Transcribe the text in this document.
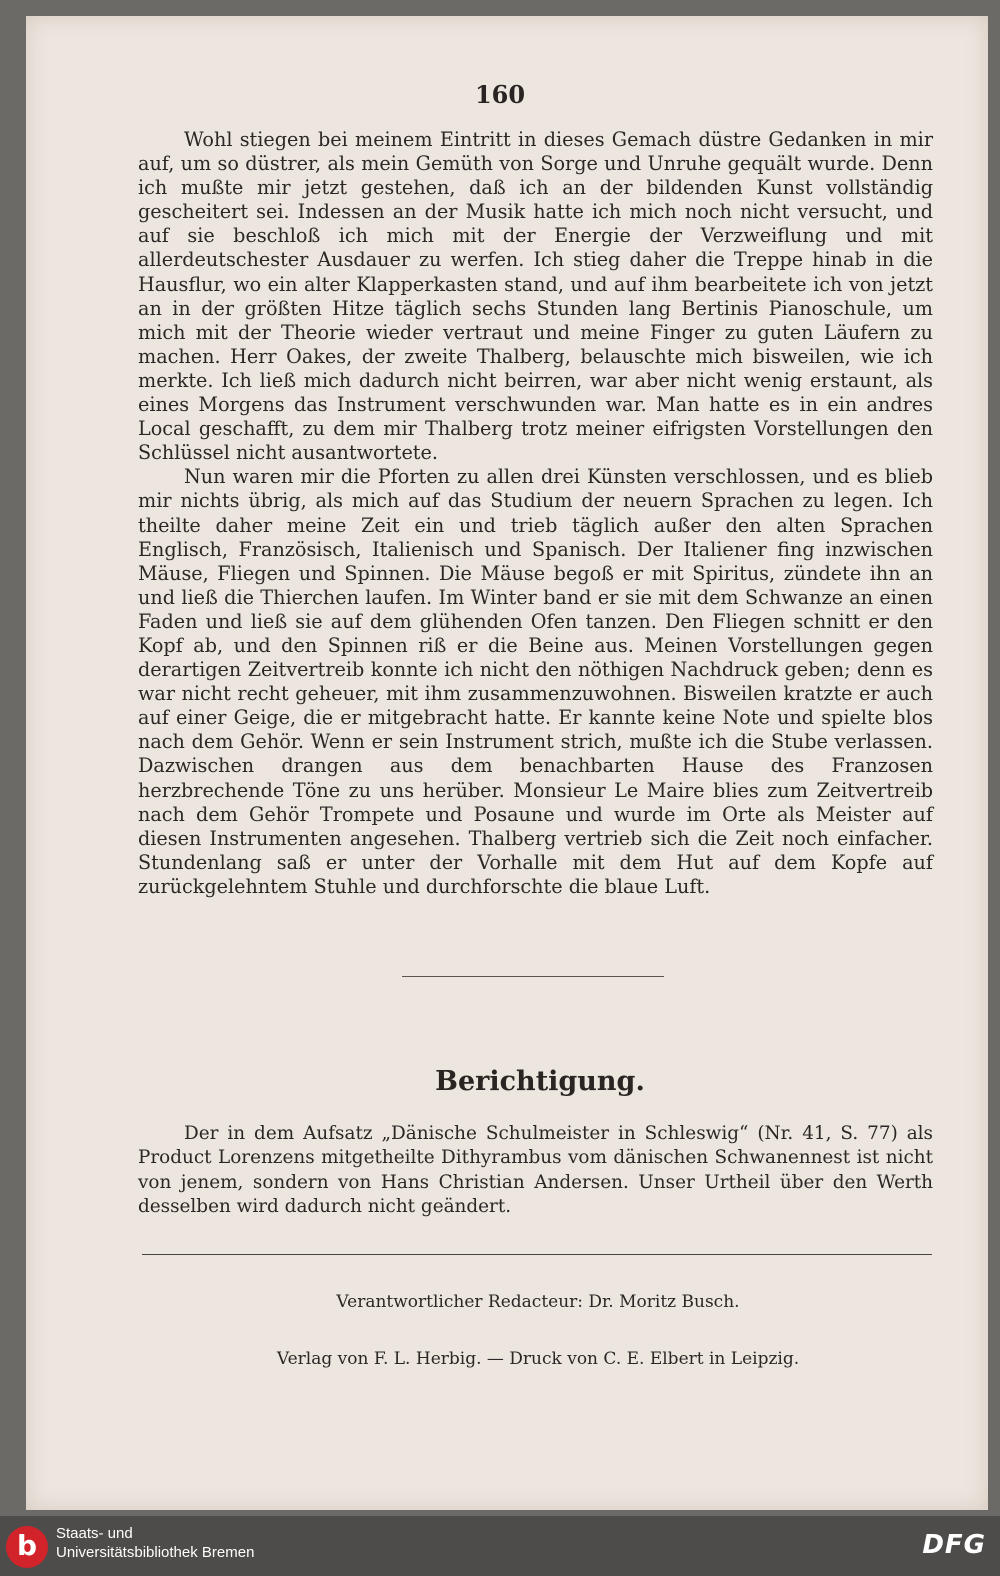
160

Wohl stiegen bei meinem Eintritt in dieses Gemach düstre Gedanken in mir auf, um so düstrer, als mein Gemüth von Sorge und Unruhe gequält wurde. Denn ich mußte mir jetzt gestehen, daß ich an der bildenden Kunst vollständig gescheitert sei. Indessen an der Musik hatte ich mich noch nicht versucht, und auf sie beschloß ich mich mit der Energie der Verzweiflung und mit allerdeutschester Ausdauer zu werfen. Ich stieg daher die Treppe hinab in die Hausflur, wo ein alter Klapperkasten stand, und auf ihm bearbeitete ich von jetzt an in der größten Hitze täglich sechs Stunden lang Bertinis Pianoschule, um mich mit der Theorie wieder vertraut und meine Finger zu guten Läufern zu machen. Herr Oakes, der zweite Thalberg, belauschte mich bisweilen, wie ich merkte. Ich ließ mich dadurch nicht beirren, war aber nicht wenig erstaunt, als eines Morgens das Instrument verschwunden war. Man hatte es in ein andres Local geschafft, zu dem mir Thalberg trotz meiner eifrigsten Vorstellungen den Schlüssel nicht ausantwortete.

Nun waren mir die Pforten zu allen drei Künsten verschlossen, und es blieb mir nichts übrig, als mich auf das Studium der neuern Sprachen zu legen. Ich theilte daher meine Zeit ein und trieb täglich außer den alten Sprachen Englisch, Französisch, Italienisch und Spanisch. Der Italiener fing inzwischen Mäuse, Fliegen und Spinnen. Die Mäuse begoß er mit Spiritus, zündete ihn an und ließ die Thierchen laufen. Im Winter band er sie mit dem Schwanze an einen Faden und ließ sie auf dem glühenden Ofen tanzen. Den Fliegen schnitt er den Kopf ab, und den Spinnen riß er die Beine aus. Meinen Vorstellungen gegen derartigen Zeitvertreib konnte ich nicht den nöthigen Nachdruck geben; denn es war nicht recht geheuer, mit ihm zusammenzuwohnen. Bisweilen kratzte er auch auf einer Geige, die er mitgebracht hatte. Er kannte keine Note und spielte blos nach dem Gehör. Wenn er sein Instrument strich, mußte ich die Stube verlassen. Dazwischen drangen aus dem benachbarten Hause des Franzosen herzbrechende Töne zu uns herüber. Monsieur Le Maire blies zum Zeitvertreib nach dem Gehör Trompete und Posaune und wurde im Orte als Meister auf diesen Instrumenten angesehen. Thalberg vertrieb sich die Zeit noch einfacher. Stundenlang saß er unter der Vorhalle mit dem Hut auf dem Kopfe auf zurückgelehntem Stuhle und durchforschte die blaue Luft.

Berichtigung.

Der in dem Aufsatz „Dänische Schulmeister in Schleswig“ (Nr. 41, S. 77) als Product Lorenzens mitgetheilte Dithyrambus vom dänischen Schwanennest ist nicht von jenem, sondern von Hans Christian Andersen. Unser Urtheil über den Werth desselben wird dadurch nicht geändert.

Verantwortlicher Redacteur: Dr. Moritz Busch.
Verlag von F. L. Herbig. — Druck von C. E. Elbert in Leipzig.
b	Staats- und
Universitätsbibliothek Bremen	DFG
